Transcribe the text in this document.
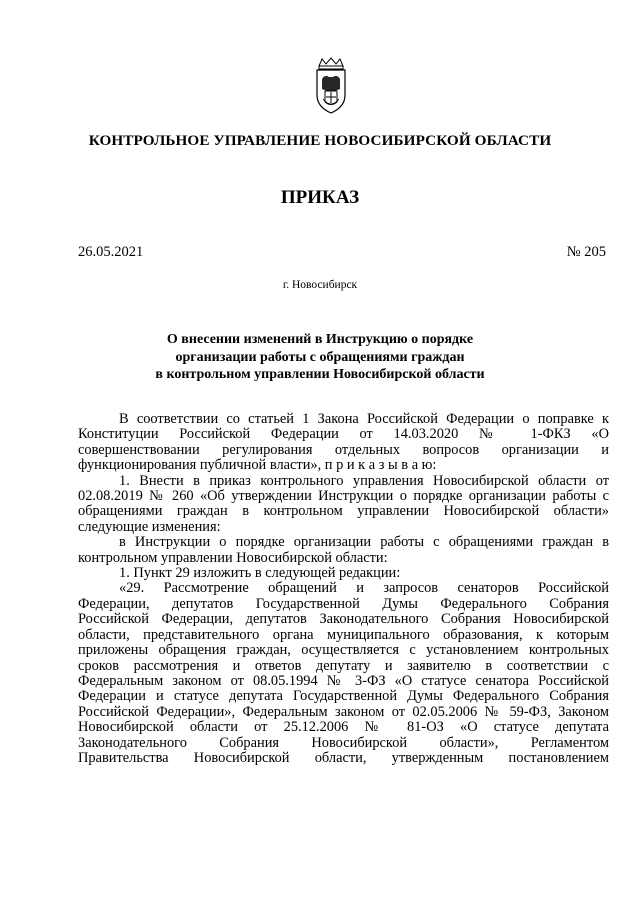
КОНТРОЛЬНОЕ УПРАВЛЕНИЕ НОВОСИБИРСКОЙ ОБЛАСТИ
ПРИКАЗ
26.05.2021	№ 205
г. Новосибирск
О внесении изменений в Инструкцию о порядке
организации работы с обращениями граждан
в контрольном управлении Новосибирской области
В соответствии со статьей 1 Закона Российской Федерации о поправке к
Конституции Российской Федерации от 14.03.2020 № 1-ФКЗ «О
совершенствовании регулирования отдельных вопросов организации и
функционирования публичной власти», п р и к а з ы в а ю:
1. Внести в приказ контрольного управления Новосибирской области от
02.08.2019 № 260 «Об утверждении Инструкции о порядке организации работы с
обращениями граждан в контрольном управлении Новосибирской области»
следующие изменения:
в Инструкции о порядке организации работы с обращениями граждан в
контрольном управлении Новосибирской области:
1. Пункт 29 изложить в следующей редакции:
«29. Рассмотрение обращений и запросов сенаторов Российской
Федерации, депутатов Государственной Думы Федерального Собрания
Российской Федерации, депутатов Законодательного Собрания Новосибирской
области, представительного органа муниципального образования, к которым
приложены обращения граждан, осуществляется с установлением контрольных
сроков рассмотрения и ответов депутату и заявителю в соответствии с
Федеральным законом от 08.05.1994 № 3-ФЗ «О статусе сенатора Российской
Федерации и статусе депутата Государственной Думы Федерального Собрания
Российской Федерации», Федеральным законом от 02.05.2006 № 59-ФЗ, Законом
Новосибирской области от 25.12.2006 № 81-ОЗ «О статусе депутата
Законодательного Собрания Новосибирской области», Регламентом
Правительства Новосибирской области, утвержденным постановлением
